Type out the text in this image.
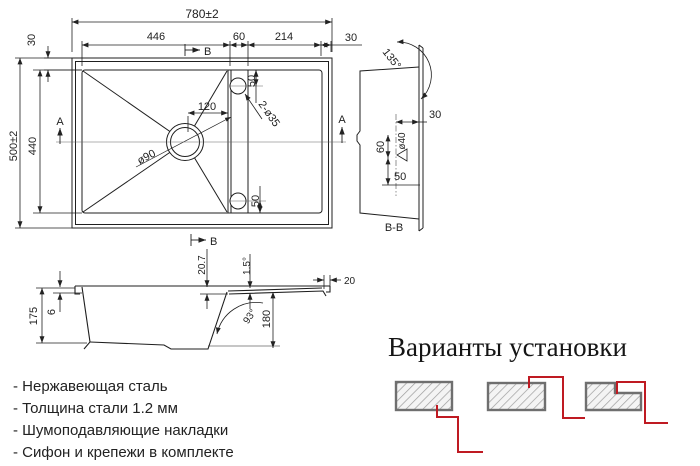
780±2
446	60	214	30
30
500±2 440
120
ø90
2-ø35
50
50
A	A
B
B
135°
30
60 ø40
50
B-B
175 6
20.7	1.5°
93° 180
20
Варианты установки
- Нержавеющая сталь
- Толщина стали 1.2 мм
- Шумоподавляющие накладки
- Сифон и крепежи в комплекте
